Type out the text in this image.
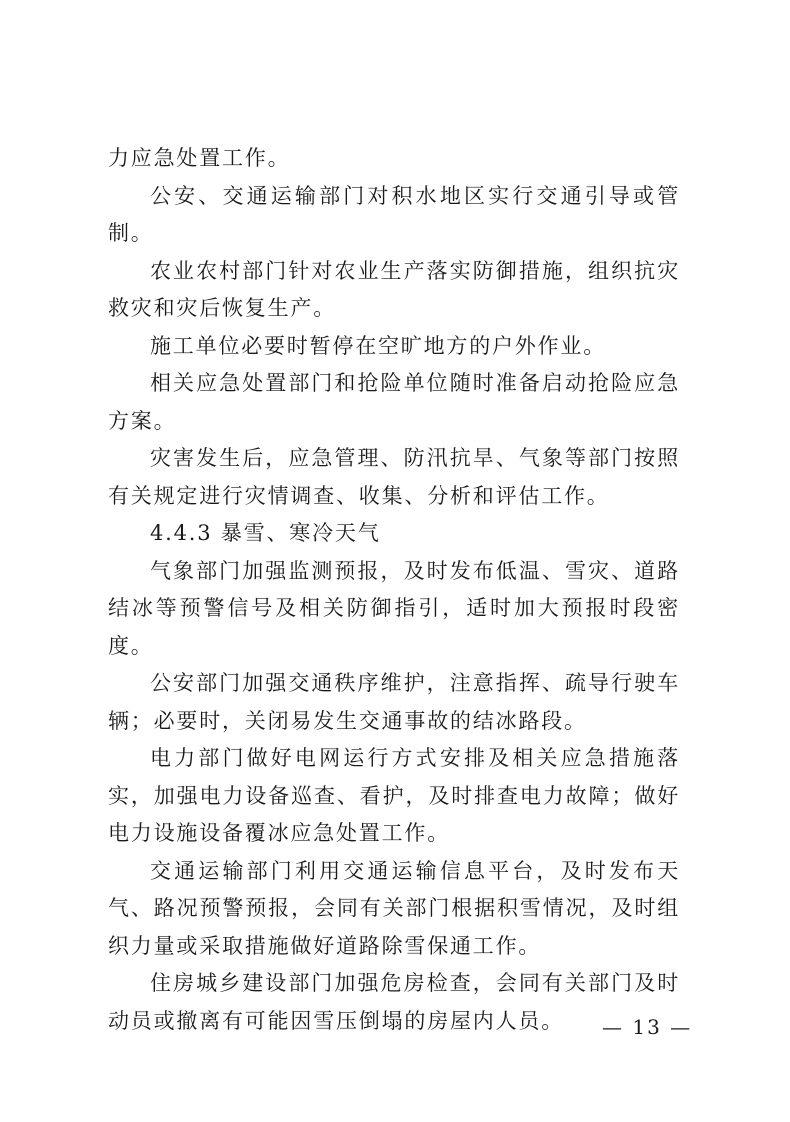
力应急处置工作。

公安、交通运输部门对积水地区实行交通引导或管制。

农业农村部门针对农业生产落实防御措施，组织抗灾救灾和灾后恢复生产。

施工单位必要时暂停在空旷地方的户外作业。

相关应急处置部门和抢险单位随时准备启动抢险应急方案。

灾害发生后，应急管理、防汛抗旱、气象等部门按照有关规定进行灾情调查、收集、分析和评估工作。

4.4.3 暴雪、寒冷天气

气象部门加强监测预报，及时发布低温、雪灾、道路结冰等预警信号及相关防御指引，适时加大预报时段密度。

公安部门加强交通秩序维护，注意指挥、疏导行驶车辆；必要时，关闭易发生交通事故的结冰路段。

电力部门做好电网运行方式安排及相关应急措施落实，加强电力设备巡查、看护，及时排查电力故障；做好电力设施设备覆冰应急处置工作。

交通运输部门利用交通运输信息平台，及时发布天气、路况预警预报，会同有关部门根据积雪情况，及时组织力量或采取措施做好道路除雪保通工作。

住房城乡建设部门加强危房检查，会同有关部门及时动员或撤离有可能因雪压倒塌的房屋内人员。	— 13 —
